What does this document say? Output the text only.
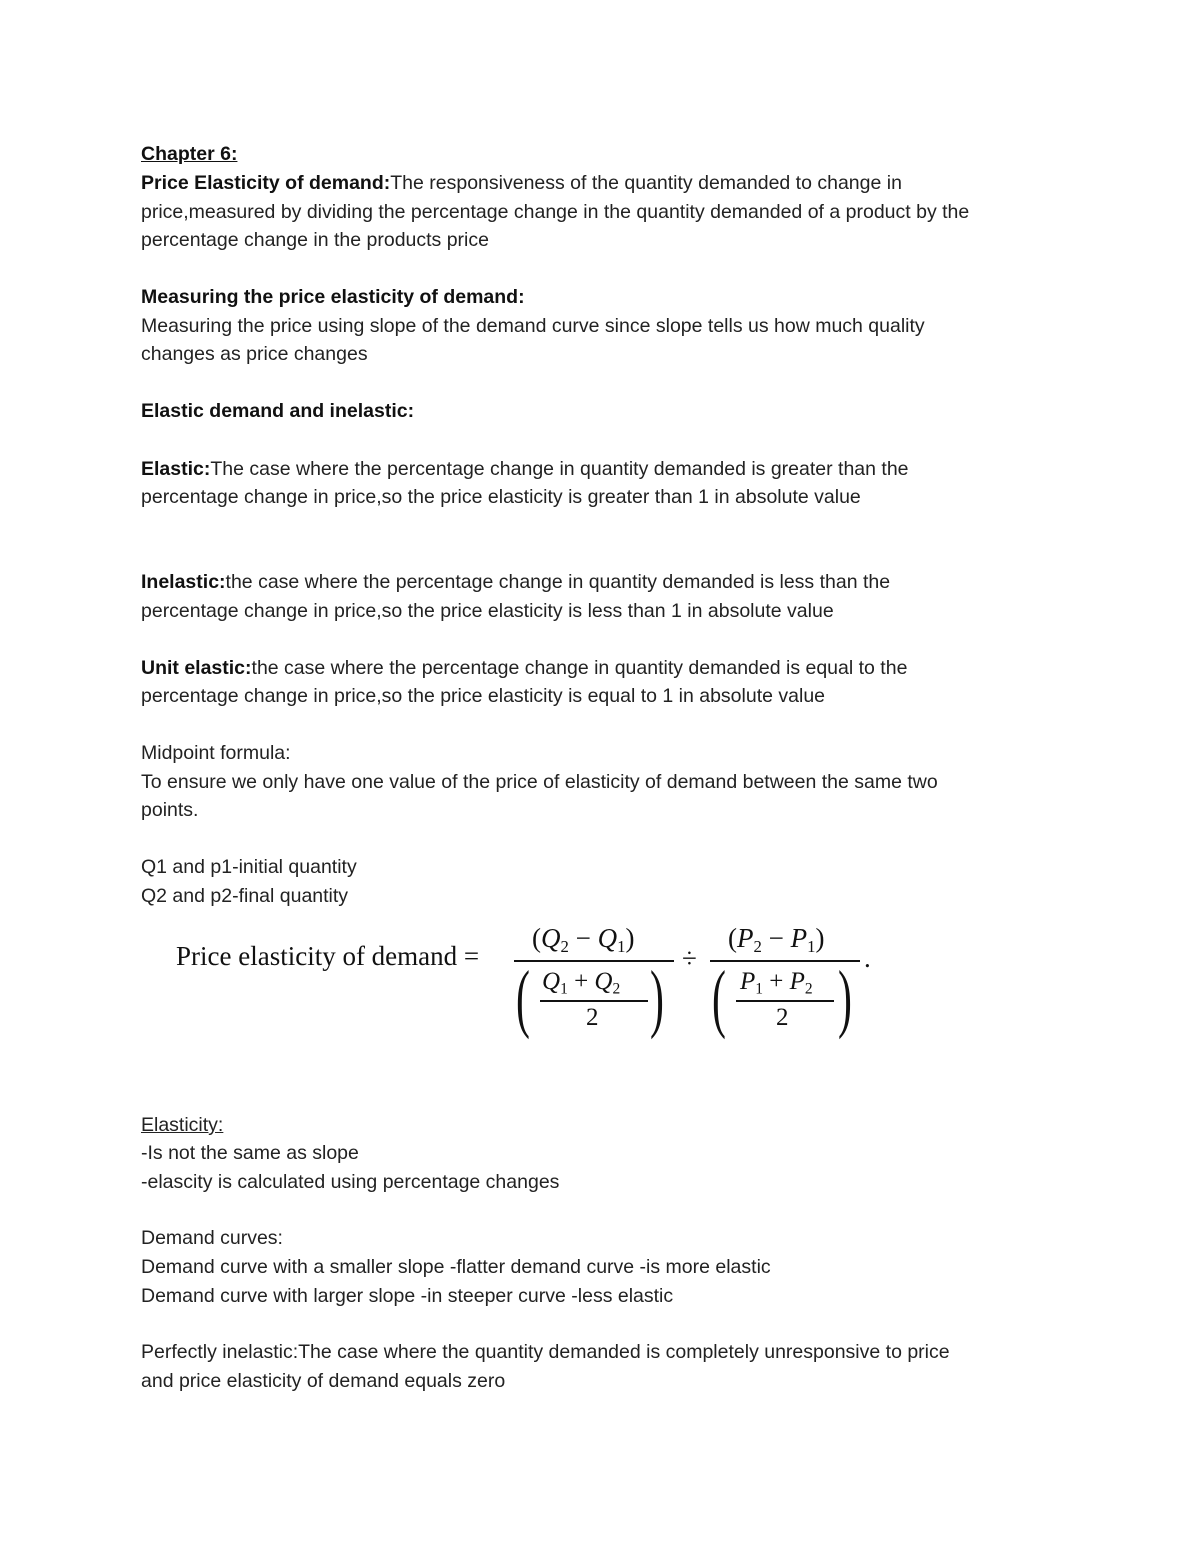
Chapter 6:
Price Elasticity of demand:The responsiveness of the quantity demanded to change in
price,measured by dividing the percentage change in the quantity demanded of a product by the
percentage change in the products price
Measuring the price elasticity of demand:
Measuring the price using slope of the demand curve since slope tells us how much quality
changes as price changes
Elastic demand and inelastic:
Elastic:The case where the percentage change in quantity demanded is greater than the
percentage change in price,so the price elasticity is greater than 1 in absolute value
Inelastic:the case where the percentage change in quantity demanded is less than the
percentage change in price,so the price elasticity is less than 1 in absolute value
Unit elastic:the case where the percentage change in quantity demanded is equal to the
percentage change in price,so the price elasticity is equal to 1 in absolute value
Midpoint formula:
To ensure we only have one value of the price of elasticity of demand between the same two
points.
Q1 and p1-initial quantity
Q2 and p2-final quantity
Price elasticity of demand =
$(Q_2 - Q_1)$
( $Q_1 + Q_2$
2 ) ÷
$(P_2 - P_1)$
( $P_1 + P_2$
2 ) .
Elasticity:
-Is not the same as slope
-elascity is calculated using percentage changes
Demand curves:
Demand curve with a smaller slope -flatter demand curve -is more elastic
Demand curve with larger slope -in steeper curve -less elastic
Perfectly inelastic:The case where the quantity demanded is completely unresponsive to price
and price elasticity of demand equals zero
